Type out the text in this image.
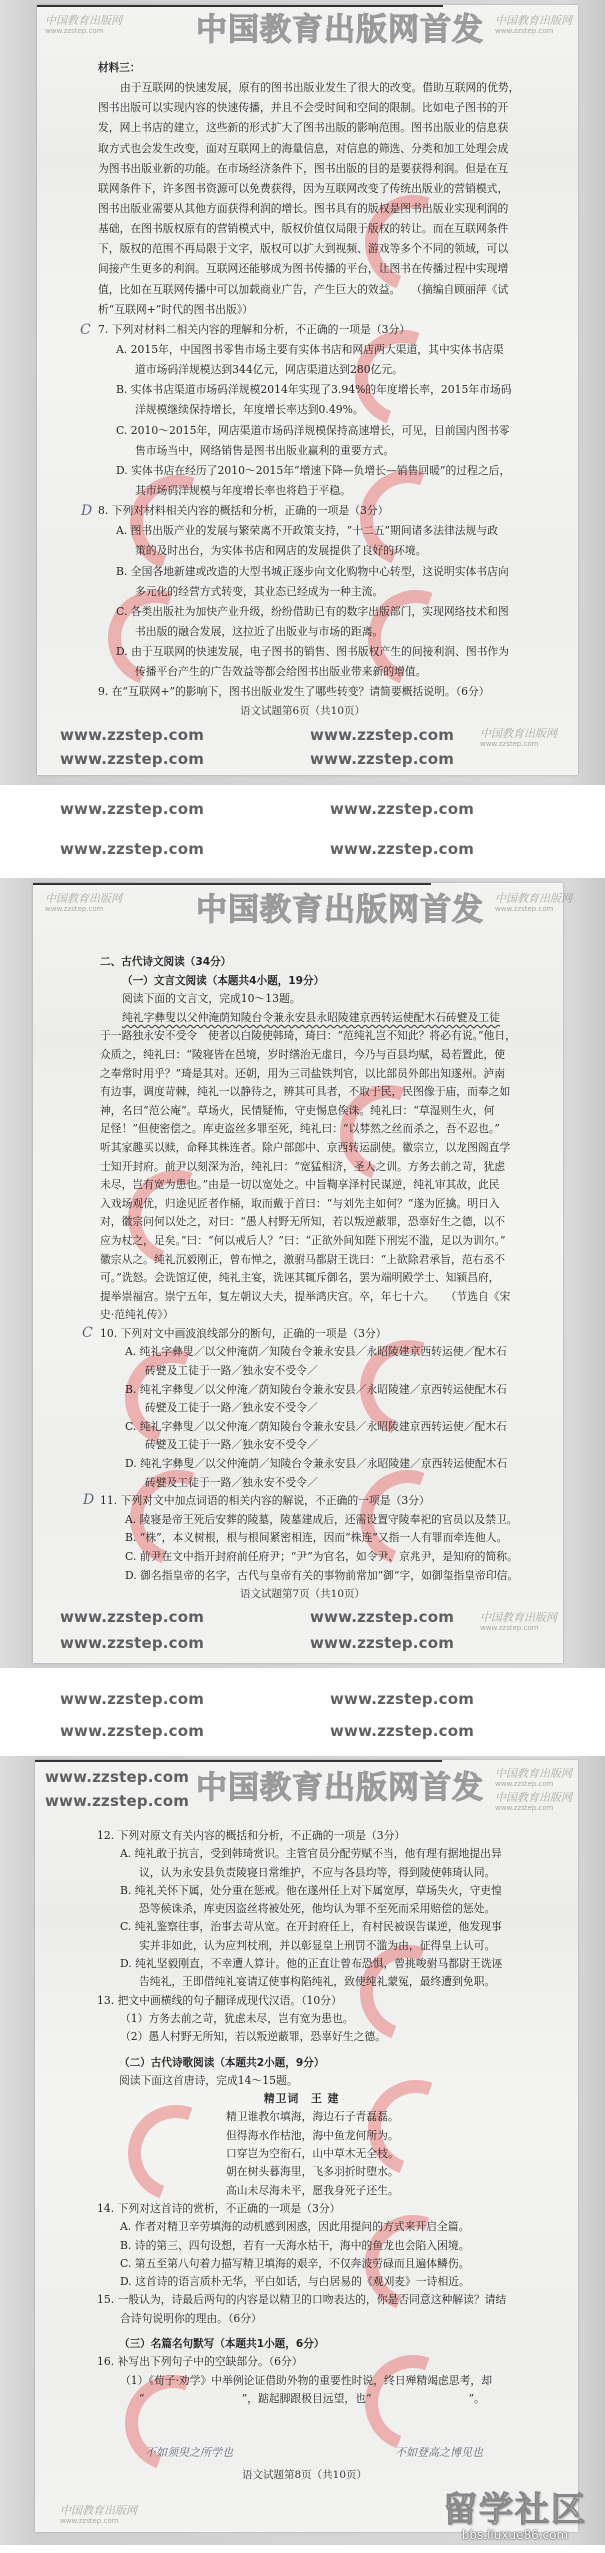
中国教育出版网
www.zzstep.com
中国教育出版网
www.zzstep.com
中国教育出版网
www.zzstep.com
中国教育出版网
www.zzstep.com
中国教育出版网
www.zzstep.com
中国教育出版网
www.zzstep.com
中国教育出版网
www.zzstep.com
中国教育出版网
www.zzstep.com
中国教育出版网
www.zzstep.com
材料三：
由于互联网的快速发展，原有的图书出版业发生了很大的改变。借助互联网的优势，
图书出版可以实现内容的快速传播，并且不会受时间和空间的限制。比如电子图书的开
发，网上书店的建立，这些新的形式扩大了图书出版的影响范围。图书出版业的信息获
取方式也会发生改变，面对互联网上的海量信息，对信息的筛选、分类和加工处理会成
为图书出版业新的功能。在市场经济条件下，图书出版的目的是要获得利润。但是在互
联网条件下，许多图书资源可以免费获得，因为互联网改变了传统出版业的营销模式，
图书出版业需要从其他方面获得利润的增长。图书具有的版权是图书出版业实现利润的
基础，在图书版权原有的营销模式中，版权价值仅局限于版权的转让。而在互联网条件
下，版权的范围不再局限于文字，版权可以扩大到视频、游戏等多个不同的领域，可以
间接产生更多的利润。互联网还能够成为图书传播的平台，让图书在传播过程中实现增
值，比如在互联网传播中可以加载商业广告，产生巨大的效益。　　（摘编自顾丽萍《试
析“互联网+”时代的图书出版》）
7. 下列对材料二相关内容的理解和分析，不正确的一项是（3分）
A. 2015年，中国图书零售市场主要有实体书店和网店两大渠道，其中实体书店渠
道市场码洋规模达到344亿元，网店渠道达到280亿元。
B. 实体书店渠道市场码洋规模2014年实现了3.94%的年度增长率，2015年市场码
洋规模继续保持增长，年度增长率达到0.49%。
C. 2010～2015年，网店渠道市场码洋规模保持高速增长，可见，目前国内图书零
售市场当中，网络销售是图书出版业赢利的重要方式。
D. 实体书店在经历了2010～2015年“增速下降—负增长—销售回暖”的过程之后，
其市场码洋规模与年度增长率也将趋于平稳。
8. 下列对材料相关内容的概括和分析，正确的一项是（3分）
A. 图书出版产业的发展与繁荣离不开政策支持，“十二五”期间诸多法律法规与政
策的及时出台，为实体书店和网店的发展提供了良好的环境。
B. 全国各地新建或改造的大型书城正逐步向文化购物中心转型，这说明实体书店向
多元化的经营方式转变，其业态已经成为一种主流。
C. 各类出版社为加快产业升级，纷纷借助已有的数字出版部门，实现网络技术和图
书出版的融合发展，这拉近了出版业与市场的距离。
D. 由于互联网的快速发展，电子图书的销售、图书版权产生的间接利润、图书作为
传播平台产生的广告效益等都会给图书出版业带来新的增值。
9. 在“互联网+”的影响下，图书出版业发生了哪些转变？请简要概括说明。（6分）
语文试题第6页（共10页）
二、古代诗文阅读（34分）
（一）文言文阅读（本题共4小题，19分）
阅读下面的文言文，完成10～13题。
纯礼字彝叟以父仲淹荫知陵台令兼永安县永昭陵建京西转运使配木石砖甓及工徒
于一路独永安不受令　使者以白陵使韩琦，琦曰：“范纯礼岂不知此？将必有说。”他日，
众质之，纯礼曰：“陵寝皆在邑境，岁时缮治无虚日，今乃与百县均赋，曷若置此，使
之奉常时用乎？”琦是其对。还朝，用为三司盐铁判官，以比部员外郎出知遂州。泸南
有边事，调度苛棘，纯礼一以静待之，辨其可具者，不取于民，民图像于庙，而奉之如
神，名曰“范公庵”。草场火，民情疑怖，守吏惕息俟诛。纯礼曰：“草湿则生火，何
足怪！”但使密偿之。库吏盗丝多罪至死，纯礼曰：“以棼然之丝而杀之，吾不忍也。”
听其家趣买以赎，命释其株连者。除户部郎中、京西转运副使。徽宗立，以龙图阁直学
士知开封府。前尹以刻深为治，纯礼曰：“宽猛相济，圣人之训。方务去前之苛，犹虑
未尽，岂有宽为患也。”由是一切以宽处之。中旨鞫享泽村民谋逆，纯礼审其故，此民
入戏场观优，归途见匠者作桶，取而戴于首曰：“与刘先主如何？”遂为匠擒。明日入
对，徽宗问何以处之，对曰：“愚人村野无所知，若以叛逆蔽罪，恐辜好生之德，以不
应为杖之，足矣。”曰：“何以戒后人？”曰：“正欲外间知陛下刑宪不滥，足以为训尔。”
徽宗从之。纯礼沉毅刚正，曾布惮之，激驸马都尉王诜曰：“上欲除君承旨，范右丞不
可。”诜怒。会诜馆辽使，纯礼主宴，诜诬其辄斥御名，罢为端明殿学士、知颍昌府，
提举崇福宫。崇宁五年，复左朝议大夫，提举鸿庆宫。卒，年七十六。　　（节选自《宋
史·范纯礼传》）
10. 下列对文中画波浪线部分的断句，正确的一项是（3分）
A. 纯礼字彝叟／以父仲淹荫／知陵台令兼永安县／永昭陵建京西转运使／配木石
砖甓及工徒于一路／独永安不受令／
B. 纯礼字彝叟／以父仲淹／荫知陵台令兼永安县／永昭陵建／京西转运使配木石
砖甓及工徒于一路／独永安不受令／
C. 纯礼字彝叟／以父仲淹／荫知陵台令兼永安县／永昭陵建京西转运使／配木石
砖甓及工徒于一路／独永安不受令／
D. 纯礼字彝叟／以父仲淹荫／知陵台令兼永安县／永昭陵建／京西转运使配木石
砖甓及工徒于一路／独永安不受令／
11. 下列对文中加点词语的相关内容的解说，不正确的一项是（3分）
A. 陵寝是帝王死后安葬的陵墓，陵墓建成后，还需设置守陵奉祀的官员以及禁卫。
B. “株”，本义树根，根与根间紧密相连，因而“株连”又指一人有罪而牵连他人。
C. 前尹在文中指开封府前任府尹；“尹”为官名，如令尹、京兆尹，是知府的简称。
D. 御名指皇帝的名字，古代与皇帝有关的事物前常加“御”字，如御玺指皇帝印信。
语文试题第7页（共10页）
12. 下列对原文有关内容的概括和分析，不正确的一项是（3分）
A. 纯礼敢于抗言，受到韩琦赏识。主管官员分配劳赋不当，他有理有据地提出异
议，认为永安县负责陵寝日常维护，不应与各县均等，得到陵使韩琦认同。
B. 纯礼关怀下属，处分重在惩戒。他在遂州任上对下属宽厚，草场失火，守吏惶
恐等候诛杀，库吏因盗丝将被处死，他均认为罪不至死而采用赔偿的惩处。
C. 纯礼鉴察往事，治事去苛从宽。在开封府任上，有村民被误告谋逆，他发现事
实并非如此，认为应判杖刑，并以彰显皇上刑罚不滥为由，征得皇上认可。
D. 纯礼坚毅刚直，不幸遭人算计。他的正直让曾布恐惧，曾挑唆驸马都尉王诜诬
告纯礼，王即借纯礼宴请辽使事构陷纯礼，致使纯礼蒙冤，最终遭到免职。
13. 把文中画横线的句子翻译成现代汉语。（10分）
（1）方务去前之苛，犹虑未尽，岂有宽为患也。
（2）愚人村野无所知，若以叛逆蔽罪，恐辜好生之德。
（二）古代诗歌阅读（本题共2小题，9分）
阅读下面这首唐诗，完成14～15题。
精卫词　王 建
精卫谁教尔填海，海边石子青磊磊。
但得海水作枯池，海中鱼龙何所为。
口穿岂为空衔石，山中草木无全枝。
朝在树头暮海里，飞多羽折时堕水。
高山未尽海未平，愿我身死子还生。
14. 下列对这首诗的赏析，不正确的一项是（3分）
A. 作者对精卫辛劳填海的动机感到困惑，因此用提问的方式来开启全篇。
B. 诗的第三、四句设想，若有一天海水枯干，海中的鱼龙也会陷入困境。
C. 第五至第八句着力描写精卫填海的艰辛，不仅奔波劳碌而且遍体鳞伤。
D. 这首诗的语言质朴无华，平白如话，与白居易的《观刈麦》一诗相近。
15. 一般认为，诗最后两句的内容是以精卫的口吻表达的，你是否同意这种解读？请结
合诗句说明你的理由。（6分）
（三）名篇名句默写（本题共1小题，6分）
16. 补写出下列句子中的空缺部分。（6分）
（1）《荀子·劝学》中举例论证借助外物的重要性时说，终日殚精竭虑思考，却
“　　　　　　　　　”，踮起脚跟极目远望，也“　　　　　　　　　”。
语文试题第8页（共10页）
C
D
C
D
不如须臾之所学也	不如登高之博见也
www.zzstep.com	www.zzstep.com
www.zzstep.com	www.zzstep.com
www.zzstep.com	www.zzstep.com
www.zzstep.com	www.zzstep.com
www.zzstep.com	www.zzstep.com
www.zzstep.com	www.zzstep.com
www.zzstep.com	www.zzstep.com
www.zzstep.com	www.zzstep.com
www.zzstep.com
www.zzstep.com
中国教育出版网首发
中国教育出版网首发
中国教育出版网首发
留学社区
bbs.liuxue86.com
